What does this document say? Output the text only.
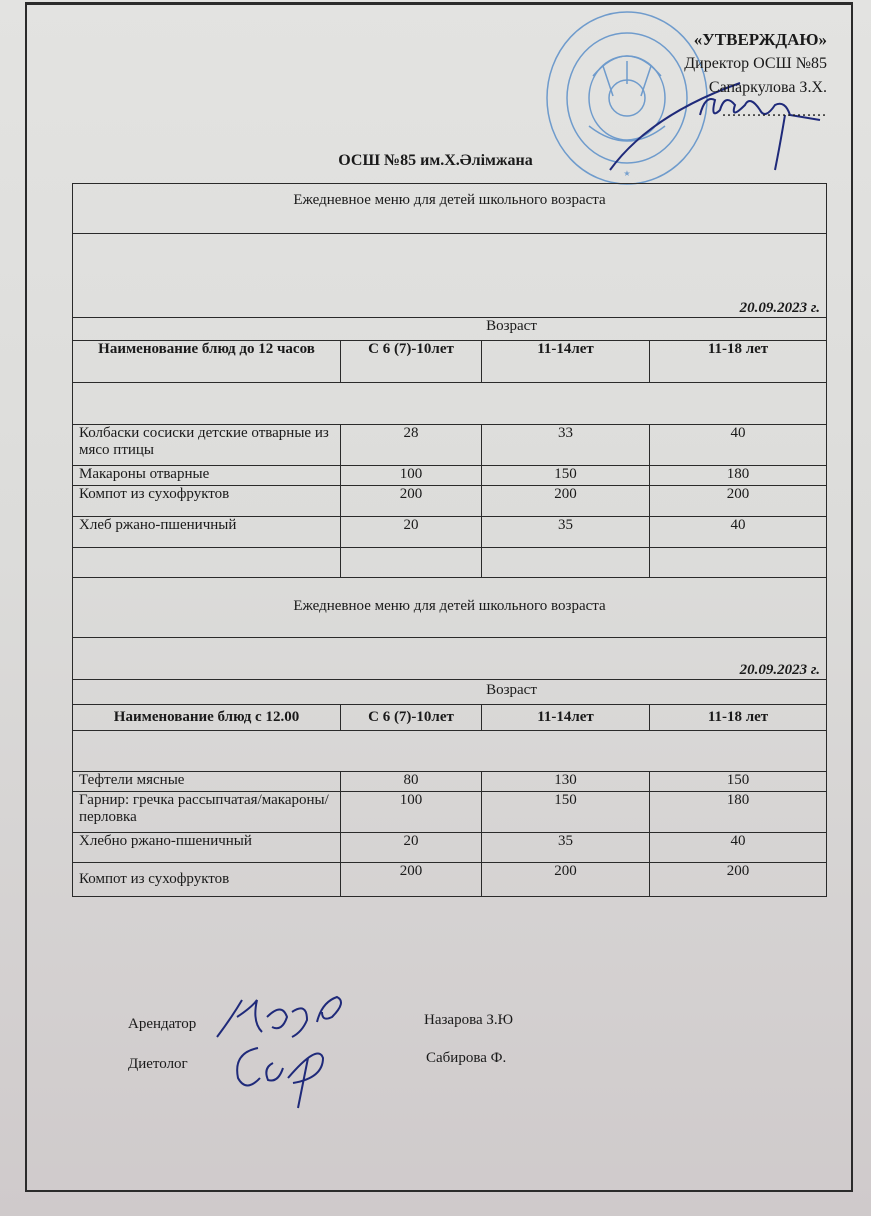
★
«УТВЕРЖДАЮ»
Директор ОСШ №85
Сапаркулова З.Х.
.....................
ОСШ №85 им.Х.Әлімжана
Ежедневное меню для детей школьного возраста			
20.09.2023 г.			
Возраст			
Наименование блюд до 12 часов	С 6 (7)-10лет	11-14лет	11-18 лет

Колбаски сосиски детские отварные из мясо птицы	28	33	40
Макароны отварные	100	150	180
Компот из сухофруктов	200	200	200
Хлеб ржано-пшеничный	20	35	40

Ежедневное меню для детей школьного возраста			
20.09.2023 г.			
Возраст			
Наименование блюд с 12.00	С 6 (7)-10лет	11-14лет	11-18 лет

Тефтели мясные	80	130	150
Гарнир: гречка рассыпчатая/макароны/перловка	100	150	180
Хлебно ржано-пшеничный	20	35	40
Компот из сухофруктов	200	200	200
Арендатор	Назарова З.Ю
Диетолог	Сабирова Ф.
